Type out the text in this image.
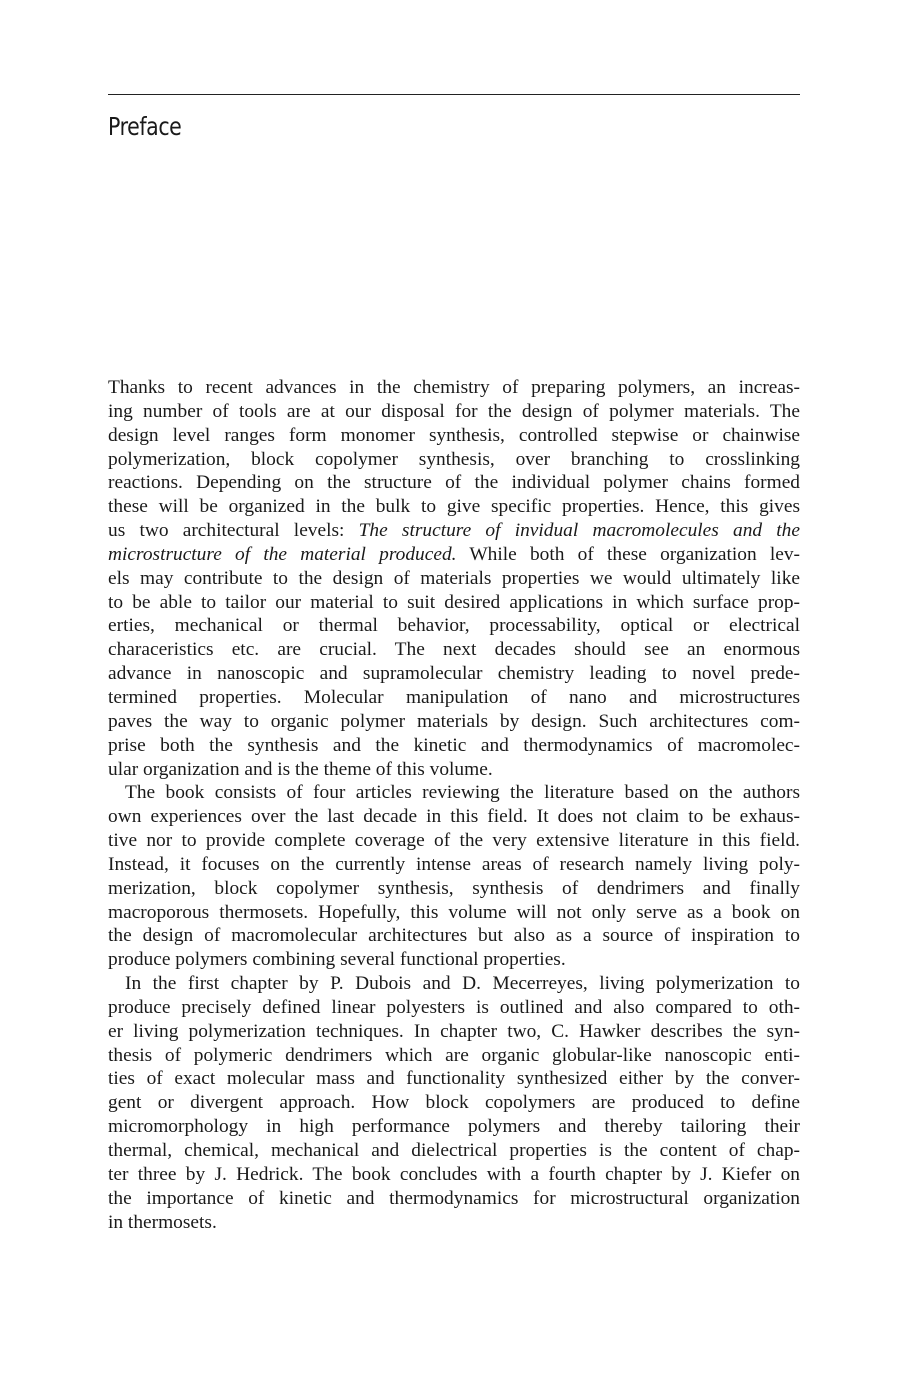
Preface
Thanks to recent advances in the chemistry of preparing polymers, an increas-
ing number of tools are at our disposal for the design of polymer materials. The
design level ranges form monomer synthesis, controlled stepwise or chainwise
polymerization, block copolymer synthesis, over branching to crosslinking
reactions. Depending on the structure of the individual polymer chains formed
these will be organized in the bulk to give specific properties. Hence, this gives
us two architectural levels: The structure of invidual macromolecules and the
microstructure of the material produced. While both of these organization lev-
els may contribute to the design of materials properties we would ultimately like
to be able to tailor our material to suit desired applications in which surface prop-
erties, mechanical or thermal behavior, processability, optical or electrical
characeristics etc. are crucial. The next decades should see an enormous
advance in nanoscopic and supramolecular chemistry leading to novel prede-
termined properties. Molecular manipulation of nano and microstructures
paves the way to organic polymer materials by design. Such architectures com-
prise both the synthesis and the kinetic and thermodynamics of macromolec-
ular organization and is the theme of this volume.
The book consists of four articles reviewing the literature based on the authors
own experiences over the last decade in this field. It does not claim to be exhaus-
tive nor to provide complete coverage of the very extensive literature in this field.
Instead, it focuses on the currently intense areas of research namely living poly-
merization, block copolymer synthesis, synthesis of dendrimers and finally
macroporous thermosets. Hopefully, this volume will not only serve as a book on
the design of macromolecular architectures but also as a source of inspiration to
produce polymers combining several functional properties.
In the first chapter by P. Dubois and D. Mecerreyes, living polymerization to
produce precisely defined linear polyesters is outlined and also compared to oth-
er living polymerization techniques. In chapter two, C. Hawker describes the syn-
thesis of polymeric dendrimers which are organic globular-like nanoscopic enti-
ties of exact molecular mass and functionality synthesized either by the conver-
gent or divergent approach. How block copolymers are produced to define
micromorphology in high performance polymers and thereby tailoring their
thermal, chemical, mechanical and dielectrical properties is the content of chap-
ter three by J. Hedrick. The book concludes with a fourth chapter by J. Kiefer on
the importance of kinetic and thermodynamics for microstructural organization
in thermosets.
